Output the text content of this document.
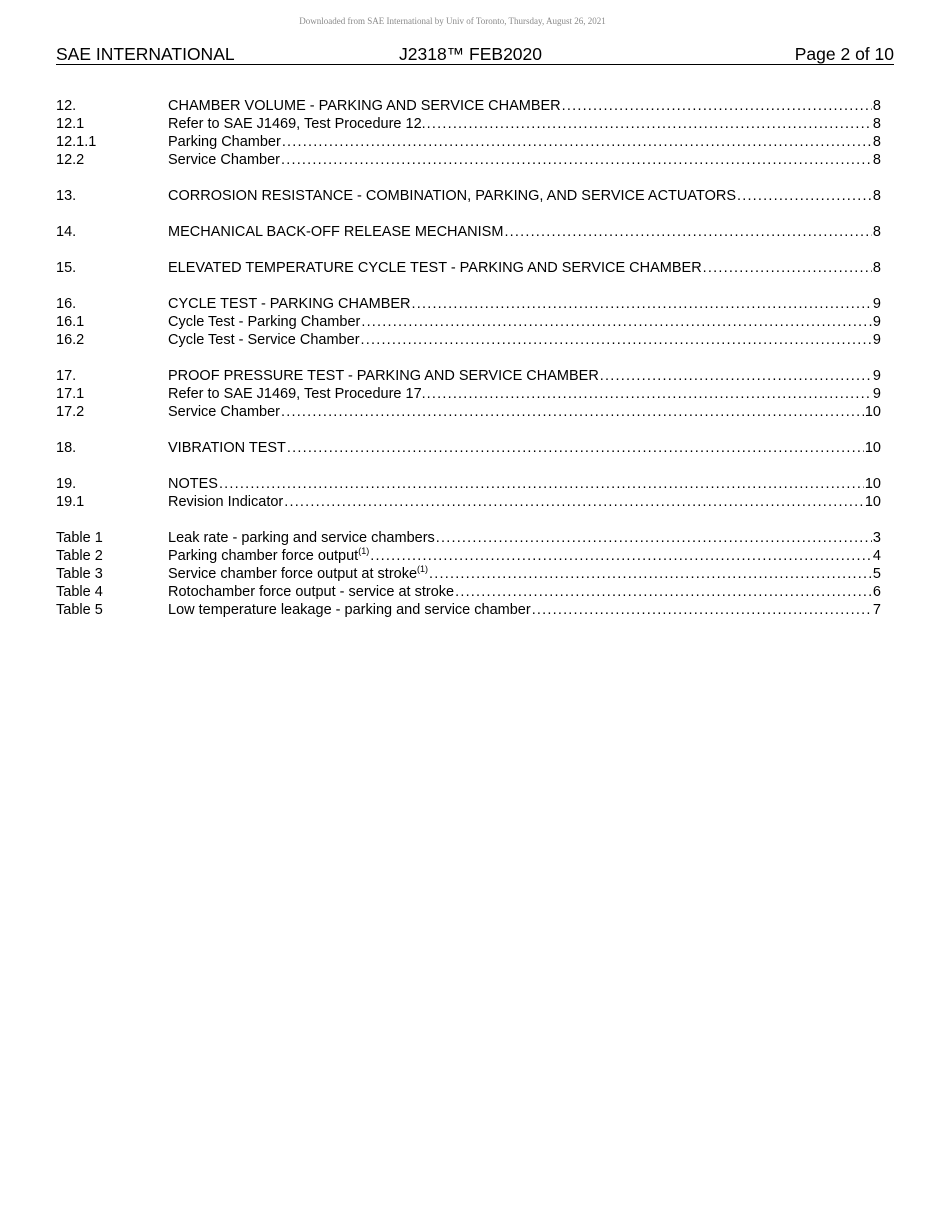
Downloaded from SAE International by Univ of Toronto, Thursday, August 26, 2021
SAE INTERNATIONAL	J2318™ FEB2020	Page 2 of 10
12.	CHAMBER VOLUME - PARKING AND SERVICE CHAMBER .....	8
12.1	Refer to SAE J1469, Test Procedure 12. .....	8
12.1.1	Parking Chamber .....	8
12.2	Service Chamber .....	8
13.	CORROSION RESISTANCE - COMBINATION, PARKING, AND SERVICE ACTUATORS .....	8
14.	MECHANICAL BACK-OFF RELEASE MECHANISM .....	8
15.	ELEVATED TEMPERATURE CYCLE TEST - PARKING AND SERVICE CHAMBER .....	8
16.	CYCLE TEST - PARKING CHAMBER .....	9
16.1	Cycle Test - Parking Chamber .....	9
16.2	Cycle Test - Service Chamber .....	9
17.	PROOF PRESSURE TEST - PARKING AND SERVICE CHAMBER .....	9
17.1	Refer to SAE J1469, Test Procedure 17. .....	9
17.2	Service Chamber .....	10
18.	VIBRATION TEST .....	10
19.	NOTES .....	10
19.1	Revision Indicator .....	10
Table 1	Leak rate - parking and service chambers .....	3
Table 2	Parking chamber force output$^{(1)}$ .....	4
Table 3	Service chamber force output at stroke$^{(1)}$ .....	5
Table 4	Rotochamber force output - service at stroke .....	6
Table 5	Low temperature leakage - parking and service chamber .....	7
